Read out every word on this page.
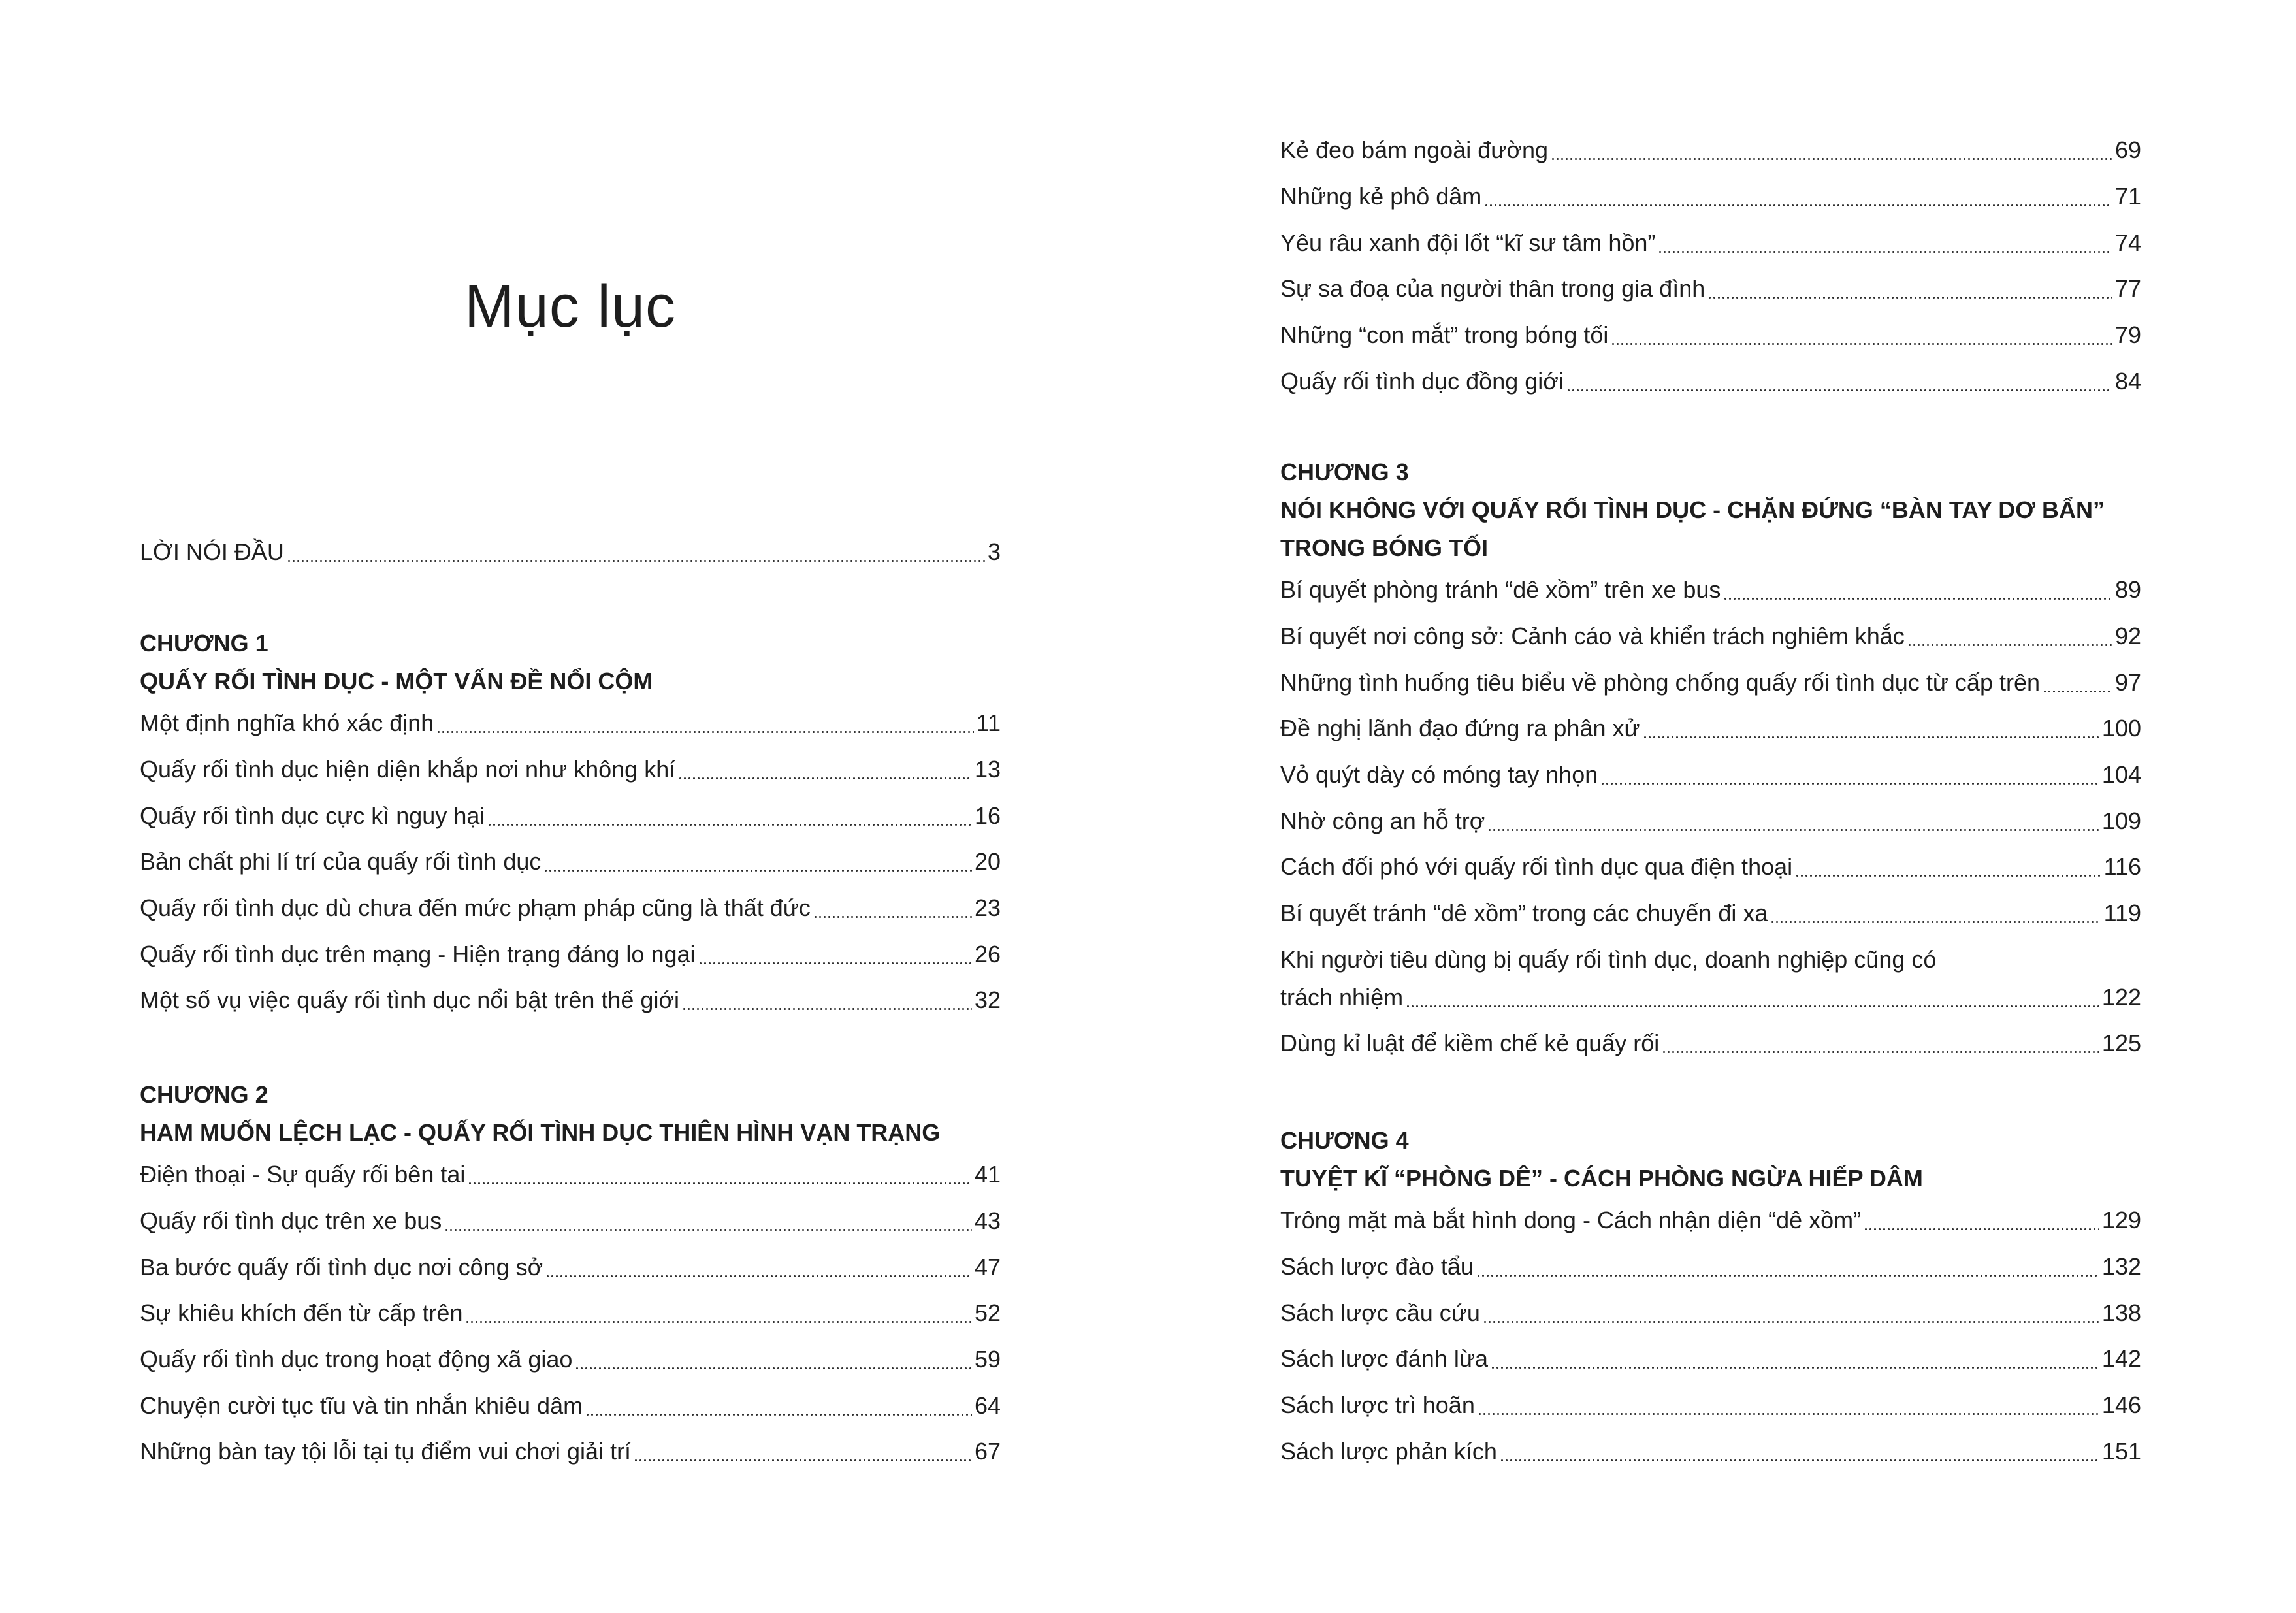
Mục lục
LỜI NÓI ĐẦU	3
CHƯƠNG 1
QUẤY RỐI TÌNH DỤC - MỘT VẤN ĐỀ NỔI CỘM
Một định nghĩa khó xác định	11
Quấy rối tình dục hiện diện khắp nơi như không khí	13
Quấy rối tình dục cực kì nguy hại	16
Bản chất phi lí trí của quấy rối tình dục	20
Quấy rối tình dục dù chưa đến mức phạm pháp cũng là thất đức	23
Quấy rối tình dục trên mạng - Hiện trạng đáng lo ngại	26
Một số vụ việc quấy rối tình dục nổi bật trên thế giới	32
CHƯƠNG 2
HAM MUỐN LỆCH LẠC - QUẤY RỐI TÌNH DỤC THIÊN HÌNH VẠN TRẠNG
Điện thoại - Sự quấy rối bên tai	41
Quấy rối tình dục trên xe bus	43
Ba bước quấy rối tình dục nơi công sở	47
Sự khiêu khích đến từ cấp trên	52
Quấy rối tình dục trong hoạt động xã giao	59
Chuyện cười tục tĩu và tin nhắn khiêu dâm	64
Những bàn tay tội lỗi tại tụ điểm vui chơi giải trí	67
Kẻ đeo bám ngoài đường	69
Những kẻ phô dâm	71
Yêu râu xanh đội lốt “kĩ sư tâm hồn”	74
Sự sa đoạ của người thân trong gia đình	77
Những “con mắt” trong bóng tối	79
Quấy rối tình dục đồng giới	84
CHƯƠNG 3
NÓI KHÔNG VỚI QUẤY RỐI TÌNH DỤC - CHẶN ĐỨNG “BÀN TAY DƠ BẨN”
TRONG BÓNG TỐI
Bí quyết phòng tránh “dê xồm” trên xe bus	89
Bí quyết nơi công sở: Cảnh cáo và khiển trách nghiêm khắc	92
Những tình huống tiêu biểu về phòng chống quấy rối tình dục từ cấp trên	97
Đề nghị lãnh đạo đứng ra phân xử	100
Vỏ quýt dày có móng tay nhọn	104
Nhờ công an hỗ trợ	109
Cách đối phó với quấy rối tình dục qua điện thoại	116
Bí quyết tránh “dê xồm” trong các chuyến đi xa	119
Khi người tiêu dùng bị quấy rối tình dục, doanh nghiệp cũng có
trách nhiệm	122
Dùng kỉ luật để kiềm chế kẻ quấy rối	125
CHƯƠNG 4
TUYỆT KĨ “PHÒNG DÊ” - CÁCH PHÒNG NGỪA HIẾP DÂM
Trông mặt mà bắt hình dong - Cách nhận diện “dê xồm”	129
Sách lược đào tẩu	132
Sách lược cầu cứu	138
Sách lược đánh lừa	142
Sách lược trì hoãn	146
Sách lược phản kích	151
